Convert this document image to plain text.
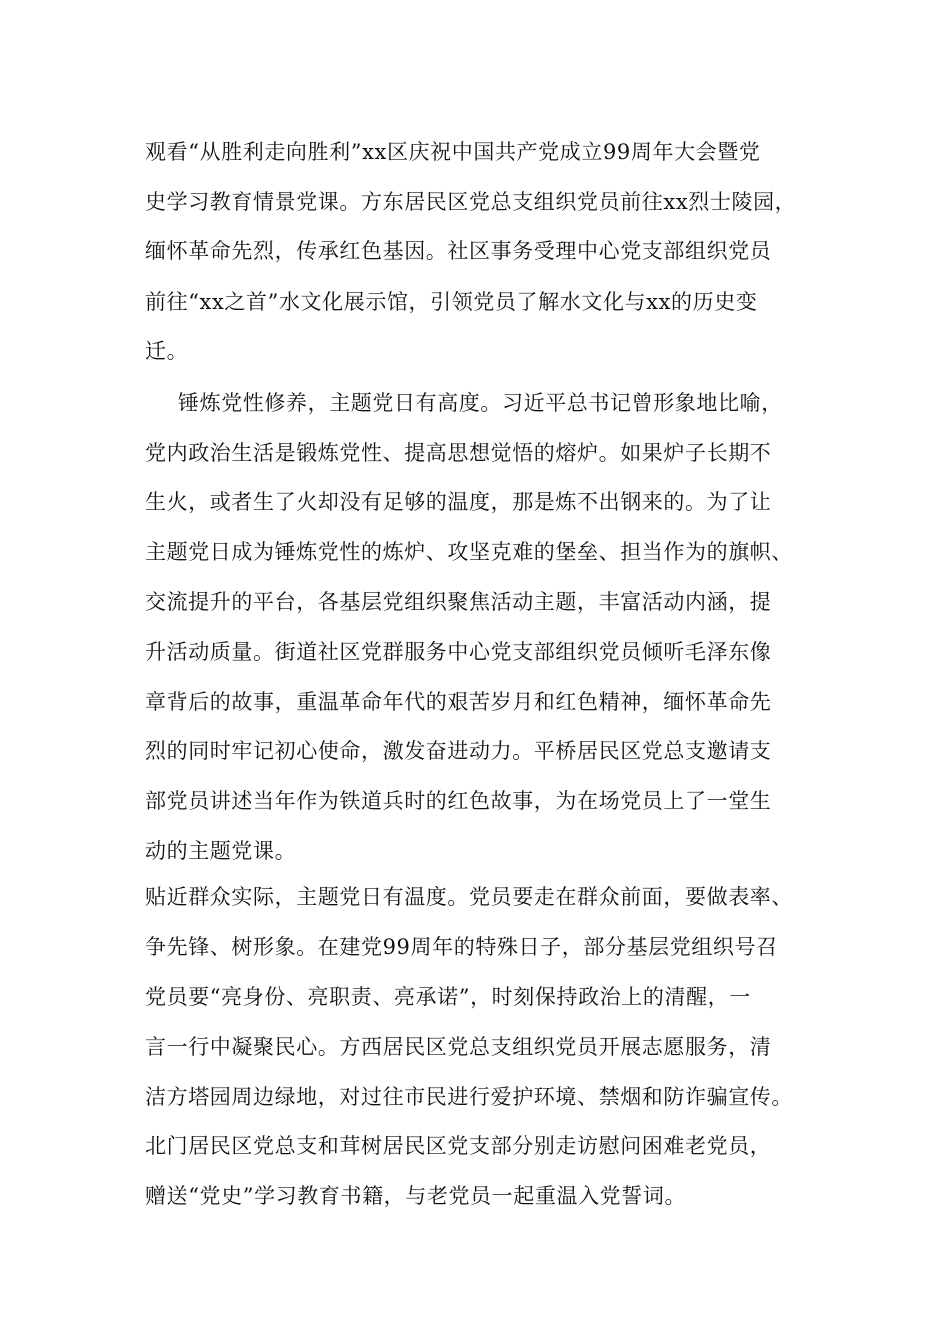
观看“从胜利走向胜利”xx区庆祝中国共产党成立99周年大会暨党
史学习教育情景党课。方东居民区党总支组织党员前往xx烈士陵园，
缅怀革命先烈，传承红色基因。社区事务受理中心党支部组织党员
前往“xx之首”水文化展示馆，引领党员了解水文化与xx的历史变
迁。
锤炼党性修养，主题党日有高度。习近平总书记曾形象地比喻，
党内政治生活是锻炼党性、提高思想觉悟的熔炉。如果炉子长期不
生火，或者生了火却没有足够的温度，那是炼不出钢来的。为了让
主题党日成为锤炼党性的炼炉、攻坚克难的堡垒、担当作为的旗帜、
交流提升的平台，各基层党组织聚焦活动主题，丰富活动内涵，提
升活动质量。街道社区党群服务中心党支部组织党员倾听毛泽东像
章背后的故事，重温革命年代的艰苦岁月和红色精神，缅怀革命先
烈的同时牢记初心使命，激发奋进动力。平桥居民区党总支邀请支
部党员讲述当年作为铁道兵时的红色故事，为在场党员上了一堂生
动的主题党课。
贴近群众实际，主题党日有温度。党员要走在群众前面，要做表率、
争先锋、树形象。在建党99周年的特殊日子，部分基层党组织号召
党员要“亮身份、亮职责、亮承诺”，时刻保持政治上的清醒，一
言一行中凝聚民心。方西居民区党总支组织党员开展志愿服务，清
洁方塔园周边绿地，对过往市民进行爱护环境、禁烟和防诈骗宣传。
北门居民区党总支和茸树居民区党支部分别走访慰问困难老党员，
赠送“党史”学习教育书籍，与老党员一起重温入党誓词。
